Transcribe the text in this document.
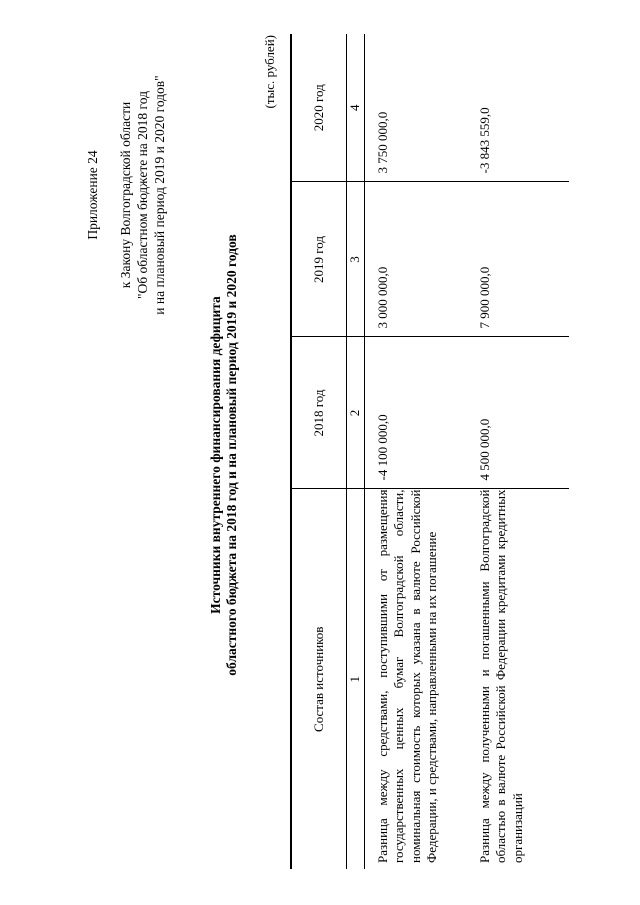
Приложение 24 к Закону Волгоградской области "Об областном бюджете на 2018 год и на плановый период 2019 и 2020 годов"
Источники внутреннего финансирования дефицита областного бюджета на 2018 год и на плановый период 2019 и 2020 годов
(тыс. рублей)
Состав источников	2018 год	2019 год	2020 год
1	2	3	4
Разница между средствами, поступившими от размещения государственных ценных бумаг Волгоградской области, номинальная стоимость которых указана в валюте Российской Федерации, и средствами, направленными на их погашение	-4 100 000,0	3 000 000,0	3 750 000,0
Разница между полученными и погашенными Волгоградской областью в валюте Российской Федерации кредитами кредитных организаций	4 500 000,0	7 900 000,0	-3 843 559,0
